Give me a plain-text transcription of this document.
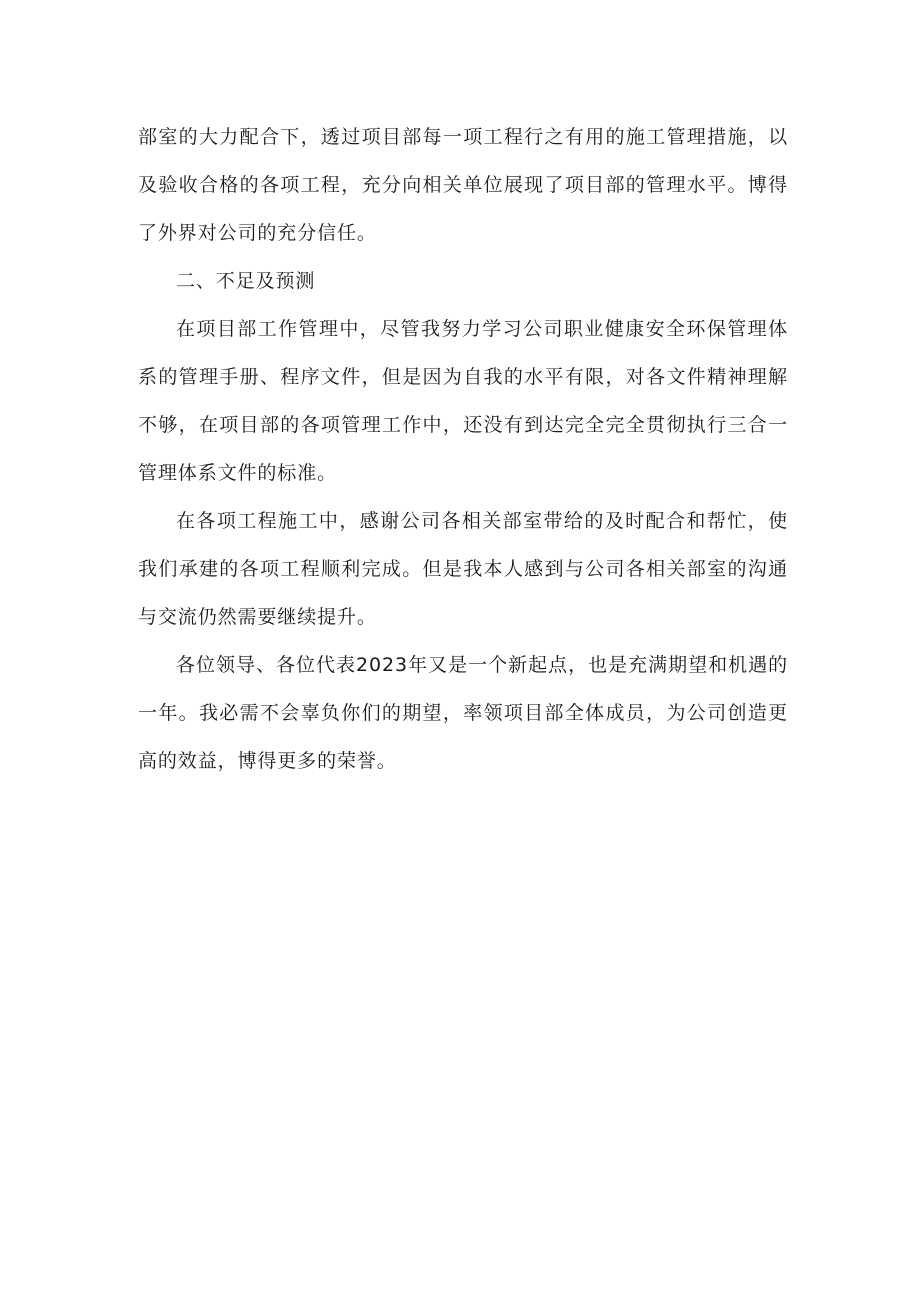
部室的大力配合下，透过项目部每一项工程行之有用的施工管理措施，以及验收合格的各项工程，充分向相关单位展现了项目部的管理水平。博得了外界对公司的充分信任。

二、不足及预测

在项目部工作管理中，尽管我努力学习公司职业健康安全环保管理体系的管理手册、程序文件，但是因为自我的水平有限，对各文件精神理解不够，在项目部的各项管理工作中，还没有到达完全完全贯彻执行三合一管理体系文件的标准。

在各项工程施工中，感谢公司各相关部室带给的及时配合和帮忙，使我们承建的各项工程顺利完成。但是我本人感到与公司各相关部室的沟通与交流仍然需要继续提升。

各位领导、各位代表2023年又是一个新起点，也是充满期望和机遇的一年。我必需不会辜负你们的期望，率领项目部全体成员，为公司创造更高的效益，博得更多的荣誉。
